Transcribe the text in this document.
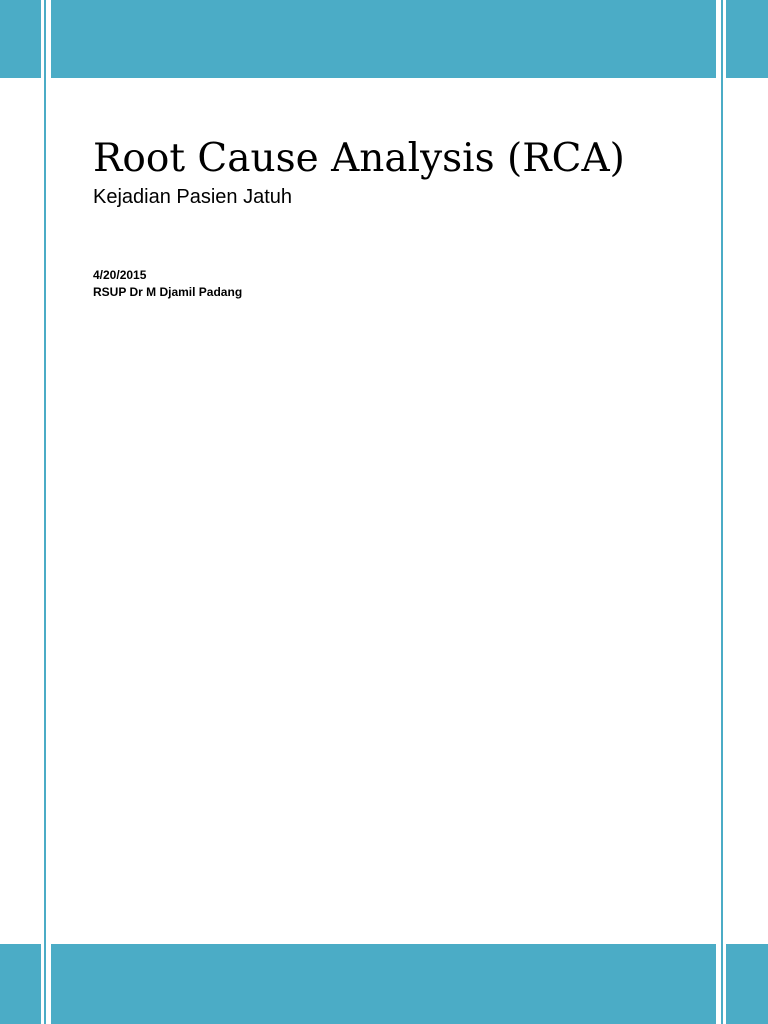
Root Cause Analysis (RCA)
Kejadian Pasien Jatuh
4/20/2015
RSUP Dr M Djamil Padang
